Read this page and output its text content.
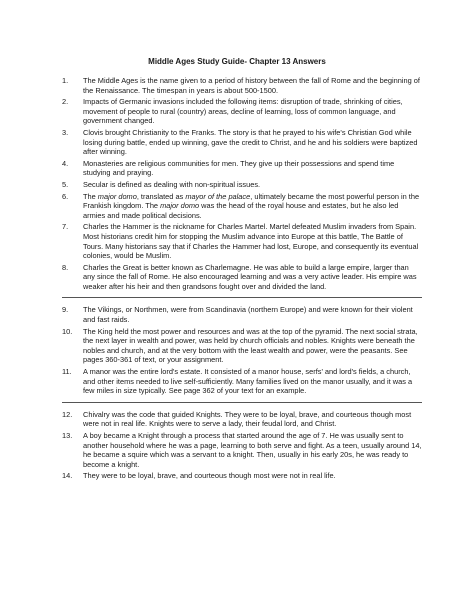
Middle Ages Study Guide- Chapter 13 Answers
1.	The Middle Ages is the name given to a period of history between the fall of Rome and the beginning of the Renaissance. The timespan in years is about 500-1500.
2.	Impacts of Germanic invasions included the following items: disruption of trade, shrinking of cities, movement of people to rural (country) areas, decline of learning, loss of common language, and government changed.
3.	Clovis brought Christianity to the Franks. The story is that he prayed to his wife's Christian God while losing during battle, ended up winning, gave the credit to Christ, and he and his soldiers were baptized after winning.
4.	Monasteries are religious communities for men. They give up their possessions and spend time studying and praying.
5.	Secular is defined as dealing with non-spiritual issues.
6.	The major domo, translated as mayor of the palace, ultimately became the most powerful person in the Frankish kingdom. The major domo was the head of the royal house and estates, but he also led armies and made political decisions.
7.	Charles the Hammer is the nickname for Charles Martel. Martel defeated Muslim invaders from Spain. Most historians credit him for stopping the Muslim advance into Europe at this battle, The Battle of Tours. Many historians say that if Charles the Hammer had lost, Europe, and consequently its eventual colonies, would be Muslim.
8.	Charles the Great is better known as Charlemagne. He was able to build a large empire, larger than any since the fall of Rome. He also encouraged learning and was a very active leader. His empire was weaker after his heir and then grandsons fought over and divided the land.
9.	The Vikings, or Northmen, were from Scandinavia (northern Europe) and were known for their violent and fast raids.
10.	The King held the most power and resources and was at the top of the pyramid. The next social strata, the next layer in wealth and power, was held by church officials and nobles. Knights were beneath the nobles and church, and at the very bottom with the least wealth and power, were the peasants. See pages 360-361 of text, or your assignment.
11.	A manor was the entire lord's estate. It consisted of a manor house, serfs' and lord's fields, a church, and other items needed to live self-sufficiently. Many families lived on the manor usually, and it was a few miles in size typically. See page 362 of your text for an example.
12.	Chivalry was the code that guided Knights. They were to be loyal, brave, and courteous though most were not in real life. Knights were to serve a lady, their feudal lord, and Christ.
13.	A boy became a Knight through a process that started around the age of 7. He was usually sent to another household where he was a page, learning to both serve and fight. As a teen, usually around 14, he became a squire which was a servant to a knight. Then, usually in his early 20s, he was ready to become a knight.
14.	They were to be loyal, brave, and courteous though most were not in real life.
